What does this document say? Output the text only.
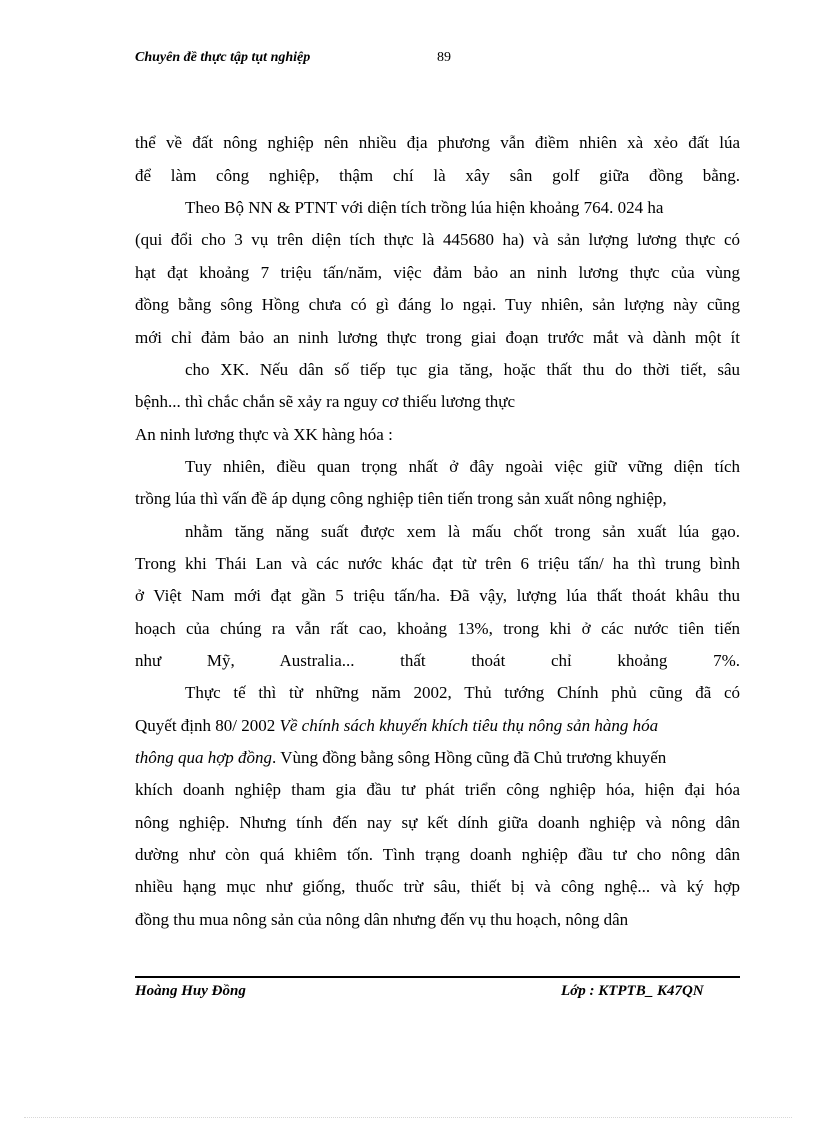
Chuyên đề thực tập tụt nghiệp	89
thể về đất nông nghiệp nên nhiều địa phương vẫn điềm nhiên xà xẻo đất lúa
để làm công nghiệp, thậm chí là xây sân golf giữa đồng bằng.
Theo Bộ NN & PTNT với diện tích trồng lúa hiện khoảng 764. 024 ha
(qui đổi cho 3 vụ trên diện tích thực là 445680 ha) và sản lượng lương thực có
hạt đạt khoảng 7 triệu tấn/năm, việc đảm bảo an ninh lương thực của vùng
đồng bằng sông Hồng chưa có gì đáng lo ngại. Tuy nhiên, sản lượng này cũng
mới chỉ đảm bảo an ninh lương thực trong giai đoạn trước mắt và dành một ít
cho XK. Nếu dân số tiếp tục gia tăng, hoặc thất thu do thời tiết, sâu
bệnh... thì chắc chắn sẽ xảy ra nguy cơ thiếu lương thực
An ninh lương thực và XK hàng hóa :
Tuy nhiên, điều quan trọng nhất ở đây ngoài việc giữ vững diện tích
trồng lúa thì vấn đề áp dụng công nghiệp tiên tiến trong sản xuất nông nghiệp,
nhằm tăng năng suất được xem là mấu chốt trong sản xuất lúa gạo.
Trong khi Thái Lan và các nước khác đạt từ trên 6 triệu tấn/ ha thì trung bình
ở Việt Nam mới đạt gần 5 triệu tấn/ha. Đã vậy, lượng lúa thất thoát khâu thu
hoạch của chúng ra vẫn rất cao, khoảng 13%, trong khi ở các nước tiên tiến
như Mỹ, Australia... thất thoát chỉ khoảng 7%.
Thực tế thì từ những năm 2002, Thủ tướng Chính phủ cũng đã có
Quyết định 80/ 2002 Về chính sách khuyến khích tiêu thụ nông sản hàng hóa
thông qua hợp đồng. Vùng đồng bằng sông Hồng cũng đã Chủ trương khuyến
khích doanh nghiệp tham gia đầu tư phát triển công nghiệp hóa, hiện đại hóa
nông nghiệp. Nhưng tính đến nay sự kết dính giữa doanh nghiệp và nông dân
dường như còn quá khiêm tốn. Tình trạng doanh nghiệp đầu tư cho nông dân
nhiều hạng mục như giống, thuốc trừ sâu, thiết bị và công nghệ... và ký hợp
đồng thu mua nông sản của nông dân nhưng đến vụ thu hoạch, nông dân
Hoàng Huy Đồng	Lớp : KTPTB_ K47QN
